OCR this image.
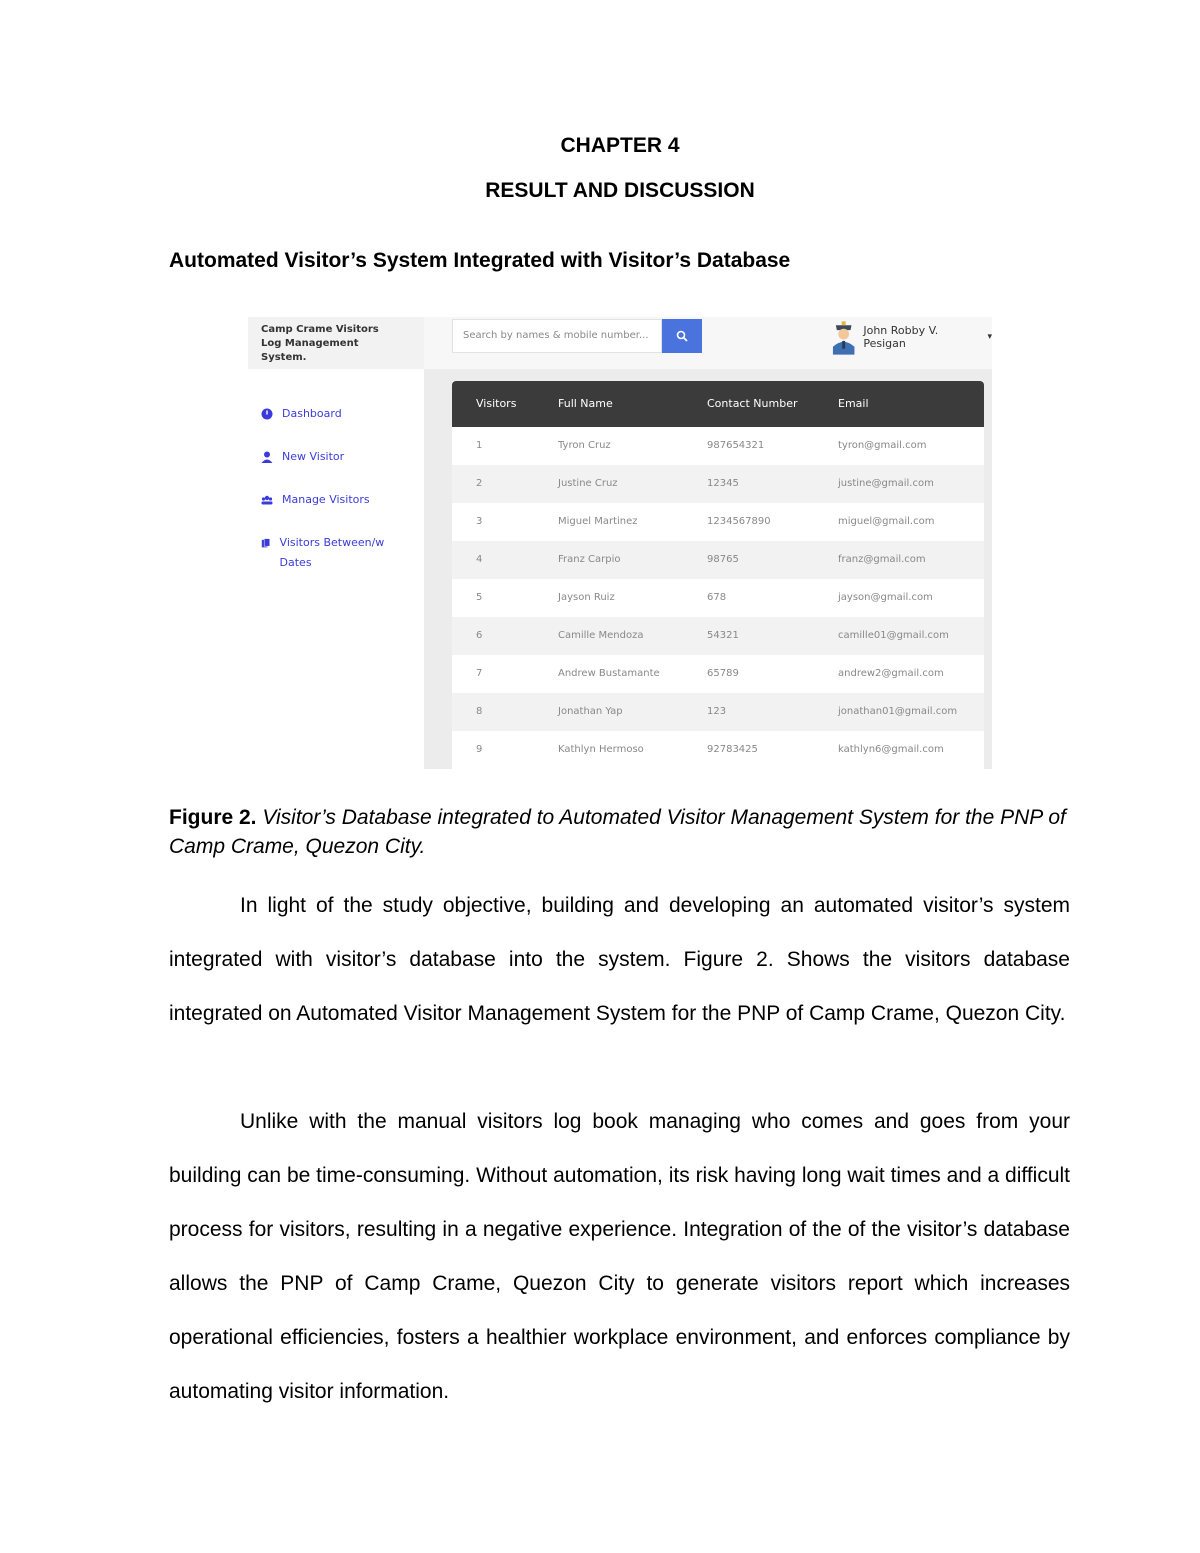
CHAPTER 4
RESULT AND DISCUSSION
Automated Visitor’s System Integrated with Visitor’s Database
Camp Crame Visitors Log Management System.
Dashboard
New Visitor
Manage Visitors
Visitors Between/w Dates
Search by names & mobile number...	John Robby V. Pesigan	▾
Visitors	Full Name	Contact Number	Email
1	Tyron Cruz	987654321	tyron@gmail.com
2	Justine Cruz	12345	justine@gmail.com
3	Miguel Martinez	1234567890	miguel@gmail.com
4	Franz Carpio	98765	franz@gmail.com
5	Jayson Ruiz	678	jayson@gmail.com
6	Camille Mendoza	54321	camille01@gmail.com
7	Andrew Bustamante	65789	andrew2@gmail.com
8	Jonathan Yap	123	jonathan01@gmail.com
9	Kathlyn Hermoso	92783425	kathlyn6@gmail.com
Figure 2. Visitor’s Database integrated to Automated Visitor Management System for the PNP of Camp Crame, Quezon City.

In light of the study objective, building and developing an automated visitor’s system integrated with visitor’s database into the system. Figure 2. Shows the visitors database integrated on Automated Visitor Management System for the PNP of Camp Crame, Quezon City.

Unlike with the manual visitors log book managing who comes and goes from your building can be time-consuming. Without automation, its risk having long wait times and a difficult process for visitors, resulting in a negative experience. Integration of the of the visitor’s database allows the PNP of Camp Crame, Quezon City to generate visitors report which increases operational efficiencies, fosters a healthier workplace environment, and enforces compliance by automating visitor information.
